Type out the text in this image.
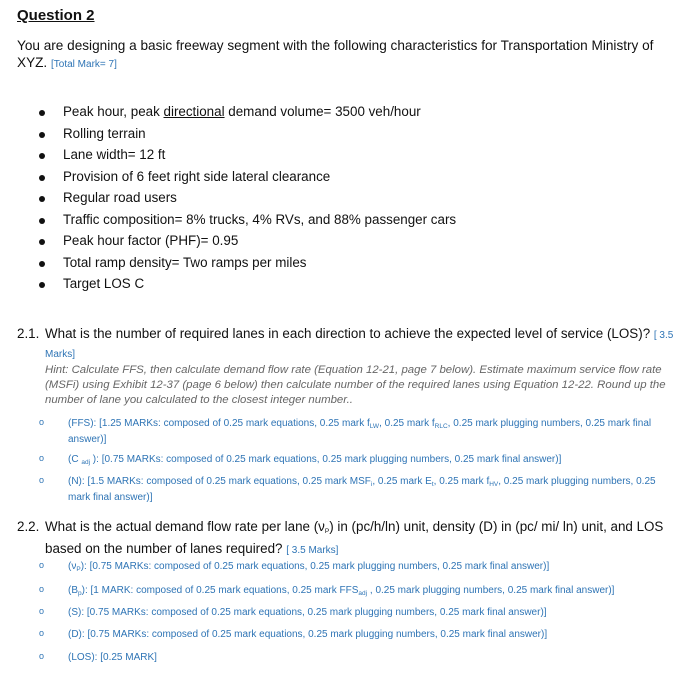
Question 2
You are designing a basic freeway segment with the following characteristics for Transportation Ministry of XYZ. [Total Mark= 7]
Peak hour, peak directional demand volume= 3500 veh/hour
Rolling terrain
Lane width= 12 ft
Provision of 6 feet right side lateral clearance
Regular road users
Traffic composition= 8% trucks, 4% RVs, and 88% passenger cars
Peak hour factor (PHF)= 0.95
Total ramp density= Two ramps per miles
Target LOS C
2.1. What is the number of required lanes in each direction to achieve the expected level of service (LOS)? [ 3.5 Marks]
Hint: Calculate FFS, then calculate demand flow rate (Equation 12-21, page 7 below). Estimate maximum service flow rate (MSFi) using Exhibit 12-37 (page 6 below) then calculate number of the required lanes using Equation 12-22. Round up the number of lane you calculated to the closest integer number..
o (FFS): [1.25 MARKs: composed of 0.25 mark equations, 0.25 mark $f_{LW}$, 0.25 mark $f_{RLC}$, 0.25 mark plugging numbers, 0.25 mark final answer)]
o (C $_{adj}$ ): [0.75 MARKs: composed of 0.25 mark equations, 0.25 mark plugging numbers, 0.25 mark final answer)]
o (N): [1.5 MARKs: composed of 0.25 mark equations, 0.25 mark $MSF_i$, 0.25 mark $E_t$, 0.25 mark $f_{HV}$, 0.25 mark plugging numbers, 0.25 mark final answer)]
2.2. What is the actual demand flow rate per lane $(\nu_P)$ in (pc/h/ln) unit, density (D) in (pc/ mi/ ln) unit, and LOS based on the number of lanes required? [ 3.5 Marks]
o $(\nu_P)$: [0.75 MARKs: composed of 0.25 mark equations, 0.25 mark plugging numbers, 0.25 mark final answer)]
o $(B_p)$: [1 MARK: composed of 0.25 mark equations, 0.25 mark $FFS_{adj}$ , 0.25 mark plugging numbers, 0.25 mark final answer)]
o (S): [0.75 MARKs: composed of 0.25 mark equations, 0.25 mark plugging numbers, 0.25 mark final answer)]
o (D): [0.75 MARKs: composed of 0.25 mark equations, 0.25 mark plugging numbers, 0.25 mark final answer)]
o (LOS): [0.25 MARK]
